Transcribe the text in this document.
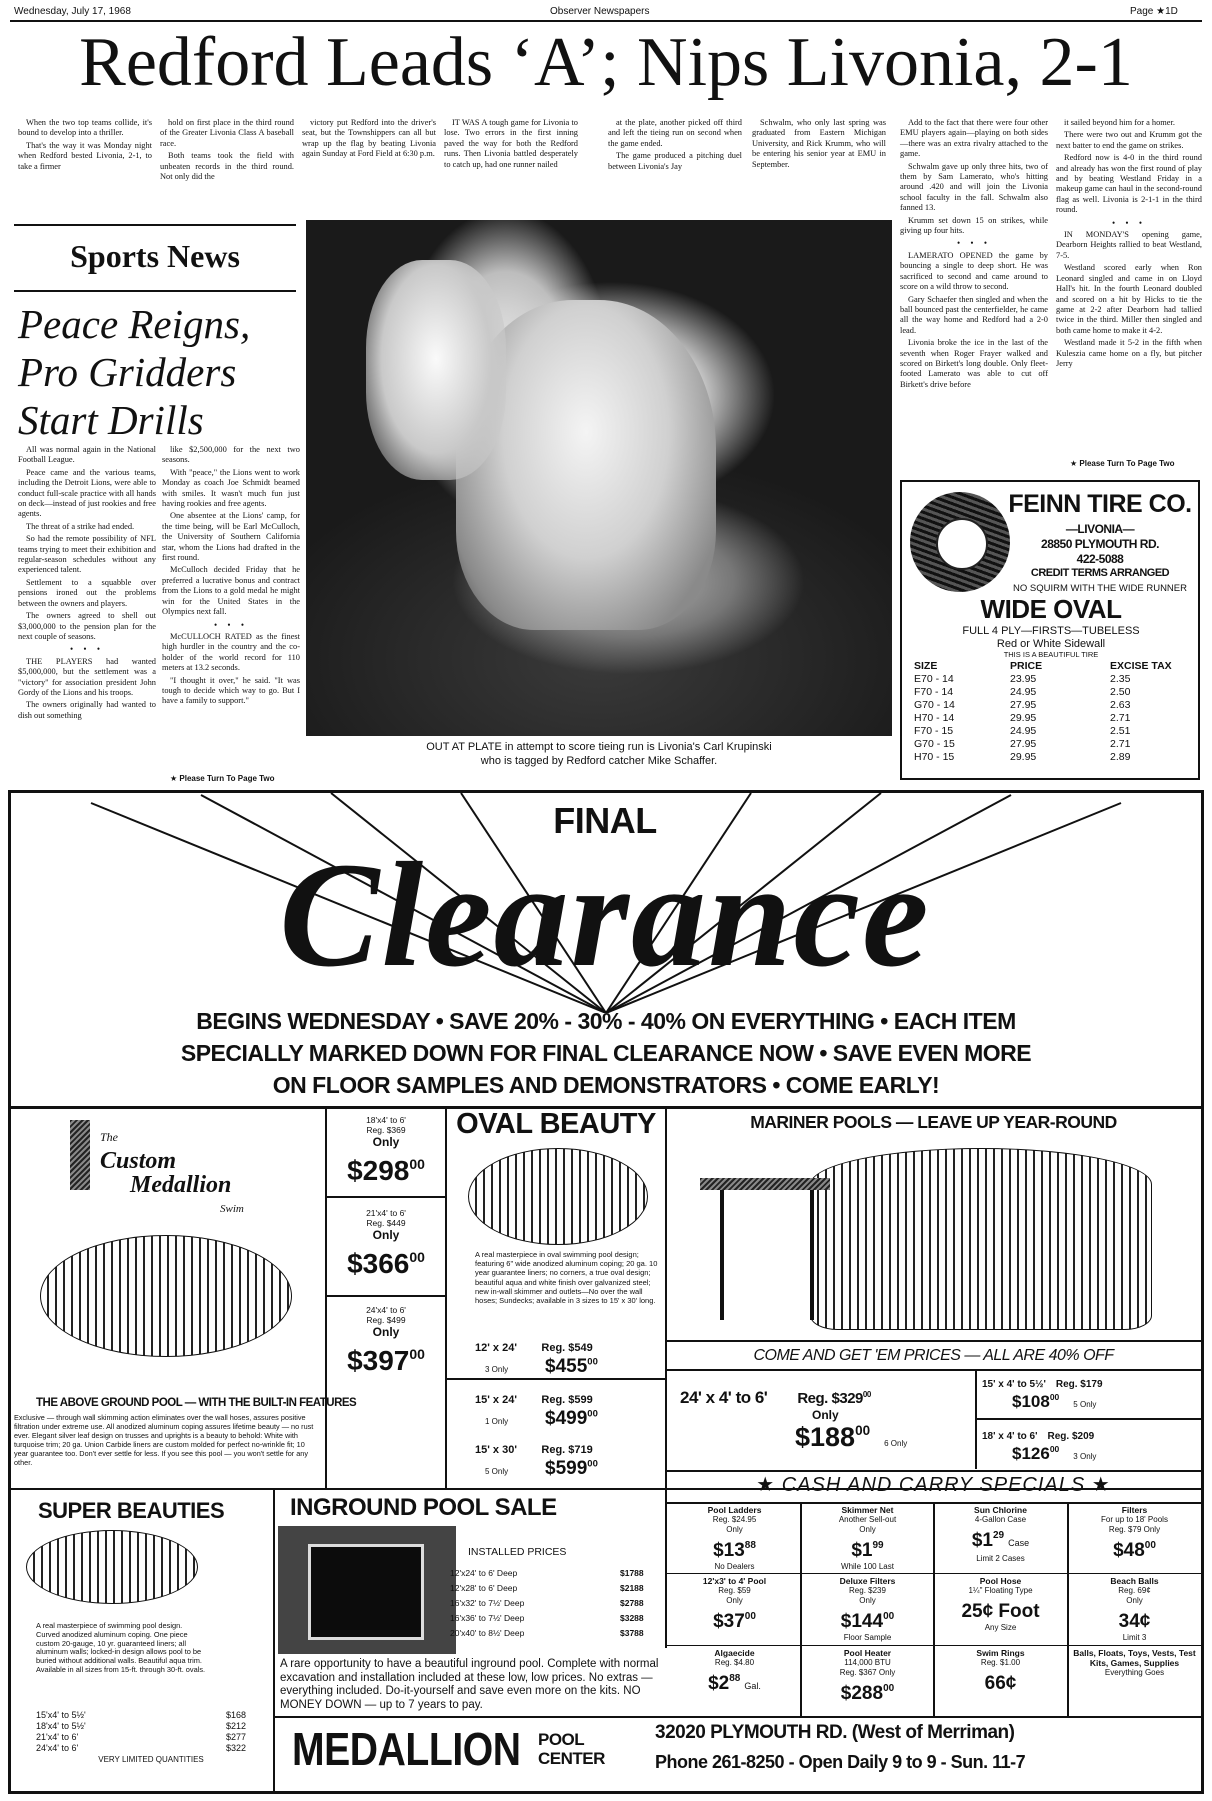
Wednesday, July 17, 1968	Observer Newspapers	Page ★1D
Redford Leads ‘A’; Nips Livonia, 2-1

When the two top teams collide, it's bound to develop into a thriller.

That's the way it was Monday night when Redford bested Livonia, 2-1, to take a firmer

hold on first place in the third round of the Greater Livonia Class A baseball race.

Both teams took the field with unbeaten records in the third round. Not only did the

victory put Redford into the driver's seat, but the Townshippers can all but wrap up the flag by beating Livonia again Sunday at Ford Field at 6:30 p.m.

IT WAS A tough game for Livonia to lose. Two errors in the first inning paved the way for both the Redford runs. Then Livonia battled desperately to catch up, had one runner nailed

at the plate, another picked off third and left the tieing run on second when the game ended.

The game produced a pitching duel between Livonia's Jay

Schwalm, who only last spring was graduated from Eastern Michigan University, and Rick Krumm, who will be entering his senior year at EMU in September.

Add to the fact that there were four other EMU players again—playing on both sides—there was an extra rivalry attached to the game.

Schwalm gave up only three hits, two of them by Sam Lamerato, who's hitting around .420 and will join the Livonia school faculty in the fall. Schwalm also fanned 13.

Krumm set down 15 on strikes, while giving up four hits.

• • •

LAMERATO OPENED the game by bouncing a single to deep short. He was sacrificed to second and came around to score on a wild throw to second.

Gary Schaefer then singled and when the ball bounced past the centerfielder, he came all the way home and Redford had a 2-0 lead.

Livonia broke the ice in the last of the seventh when Roger Frayer walked and scored on Birkett's long double. Only fleet-footed Lamerato was able to cut off Birkett's drive before

it sailed beyond him for a homer.

There were two out and Krumm got the next batter to end the game on strikes.

Redford now is 4-0 in the third round and already has won the first round of play and by beating Westland Friday in a makeup game can haul in the second-round flag as well. Livonia is 2-1-1 in the third round.

• • •

IN MONDAY'S opening game, Dearborn Heights rallied to beat Westland, 7-5.

Westland scored early when Ron Leonard singled and came in on Lloyd Hall's hit. In the fourth Leonard doubled and scored on a hit by Hicks to tie the game at 2-2 after Dearborn had tallied twice in the third. Miller then singled and both came home to make it 4-2.

Westland made it 5-2 in the fifth when Kuleszia came home on a fly, but pitcher Jerry

★ Please Turn To Page Two
Sports News
Peace Reigns,
Pro Gridders
Start Drills

All was normal again in the National Football League.

Peace came and the various teams, including the Detroit Lions, were able to conduct full-scale practice with all hands on deck—instead of just rookies and free agents.

The threat of a strike had ended.

So had the remote possibility of NFL teams trying to meet their exhibition and regular-season schedules without any experienced talent.

Settlement to a squabble over pensions ironed out the problems between the owners and players.

The owners agreed to shell out $3,000,000 to the pension plan for the next couple of seasons.

• • •

THE PLAYERS had wanted $5,000,000, but the settlement was a "victory" for association president John Gordy of the Lions and his troops.

The owners originally had wanted to dish out something

like $2,500,000 for the next two seasons.

With "peace," the Lions went to work Monday as coach Joe Schmidt beamed with smiles. It wasn't much fun just having rookies and free agents.

One absentee at the Lions' camp, for the time being, will be Earl McCulloch, the University of Southern California star, whom the Lions had drafted in the first round.

McCulloch decided Friday that he preferred a lucrative bonus and contract from the Lions to a gold medal he might win for the United States in the Olympics next fall.

• • •

McCULLOCH RATED as the finest high hurdler in the country and the co-holder of the world record for 110 meters at 13.2 seconds.

"I thought it over," he said. "It was tough to decide which way to go. But I have a family to support."

★ Please Turn To Page Two
OUT AT PLATE in attempt to score tieing run is Livonia's Carl Krupinski
who is tagged by Redford catcher Mike Schaffer.
FEINN TIRE CO.
—LIVONIA—
28850 PLYMOUTH RD.
422-5088
CREDIT TERMS ARRANGED
NO SQUIRM WITH THE WIDE RUNNER
WIDE OVAL
FULL 4 PLY—FIRSTS—TUBELESS
Red or White Sidewall
THIS IS A BEAUTIFUL TIRE
SIZE	PRICE	EXCISE TAX
E70 - 14	23.95	2.35
F70 - 14	24.95	2.50
G70 - 14	27.95	2.63
H70 - 14	29.95	2.71
F70 - 15	24.95	2.51
G70 - 15	27.95	2.71
H70 - 15	29.95	2.89
FINAL
Clearance
BEGINS WEDNESDAY • SAVE 20% - 30% - 40% ON EVERYTHING • EACH ITEM
SPECIALLY MARKED DOWN FOR FINAL CLEARANCE NOW • SAVE EVEN MORE
ON FLOOR SAMPLES AND DEMONSTRATORS • COME EARLY!
The
Custom
Medallion
Swim
THE ABOVE GROUND POOL — WITH THE BUILT-IN FEATURES
Exclusive — through wall skimming action eliminates over the wall hoses, assures positive filtration under extreme use. All anodized aluminum coping assures lifetime beauty — no rust ever. Elegant silver leaf design on trusses and uprights is a beauty to behold: White with turquoise trim; 20 ga. Union Carbide liners are custom molded for perfect no-wrinkle fit; 10 year guarantee too. Don't ever settle for less. If you see this pool — you won't settle for any other.
18'x4' to 6'
Reg. $369
Only
$\$298^{00}$
21'x4' to 6'
Reg. $449
Only
$\$366^{00}$
24'x4' to 6'
Reg. $499
Only
$\$397^{00}$
OVAL BEAUTY
A real masterpiece in oval swimming pool design; featuring 6" wide anodized aluminum coping; 20 ga. 10 year guarantee liners; no corners, a true oval design; beautiful aqua and white finish over galvanized steel; new in-wall skimmer and outlets—No over the wall hoses; Sundecks; available in 3 sizes to 15' x 30' long.
12' x 24' Reg. $549
3 Only	$\$455^{00}$
15' x 24' Reg. $599
1 Only	$\$499^{00}$
15' x 30' Reg. $719
5 Only	$\$599^{00}$
MARINER POOLS — LEAVE UP YEAR-ROUND
COME AND GET 'EM PRICES — ALL ARE 40% OFF
24' x 4' to 6' Reg. $\$329^{00}$
Only
$\$188^{00}$
6 Only
15' x 4' to 5½' Reg. $179
$\$108^{00}$
5 Only
18' x 4' to 6' Reg. $209
$\$126^{00}$
3 Only
★ CASH AND CARRY SPECIALS ★
Pool Ladders
Reg. $24.95
Only
$\$13^{88}$
No Dealers
Skimmer Net
Another Sell-out
Only
$\$1^{99}$
While 100 Last
Sun Chlorine
4-Gallon Case
$\$1^{29}Case$
Limit 2 Cases
Filters
For up to 18' Pools
Reg. $79 Only
$\$48^{00}$
12'x3' to 4' Pool
Reg. $59
Only
$\$37^{00}$
Deluxe Filters
Reg. $239
Only
$\$144^{00}$
Floor Sample
Pool Hose
1¼" Floating Type
25¢ Foot
Any Size
Beach Balls
Reg. 69¢
Only
34¢
Limit 3
Algaecide
Reg. $4.80
$\$2^{88}Gal$.
Pool Heater
114,000 BTU
Reg. $367 Only
$\$288^{00}$
Swim Rings
Reg. $1.00
66¢
Balls, Floats, Toys, Vests, Test Kits, Games, Supplies
Everything Goes
SUPER BEAUTIES
A real masterpiece of swimming pool design. Curved anodized aluminum coping. One piece custom 20-gauge, 10 yr. guaranteed liners; all aluminum walls; locked-in design allows pool to be buried without additional walls. Beautiful aqua trim. Available in all sizes from 15-ft. through 30-ft. ovals.
15'x4' to 5½'	$168
18'x4' to 5½'	$212
21'x4' to 6'	$277
24'x4' to 6'	$322
VERY LIMITED QUANTITIES
INGROUND POOL SALE
INSTALLED PRICES
12'x24' to 6' Deep	$1788
12'x28' to 6' Deep	$2188
16'x32' to 7½' Deep	$2788
16'x36' to 7½' Deep	$3288
20'x40' to 8½' Deep	$3788
A rare opportunity to have a beautiful inground pool. Complete with normal excavation and installation included at these low, low prices. No extras — everything included. Do-it-yourself and save even more on the kits. NO MONEY DOWN — up to 7 years to pay.
MEDALLION POOL
CENTER
32020 PLYMOUTH RD. (West of Merriman)
Phone 261-8250 - Open Daily 9 to 9 - Sun. 11-7
